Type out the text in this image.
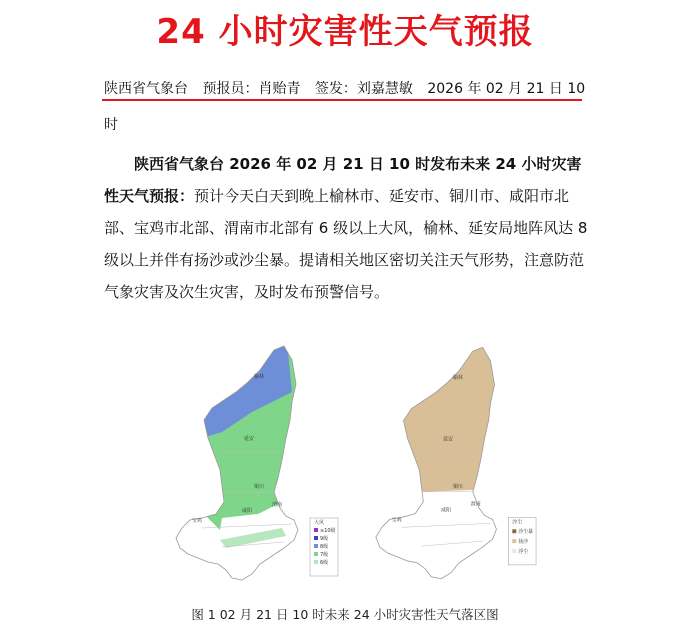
24 小时灾害性天气预报
陕西省气象台 预报员：肖贻青 签发：刘嘉慧敏 2026 年 02 月 21 日 10
时

陕西省气象台 2026 年 02 月 21 日 10 时发布未来 24 小时灾害性天气预报：预计今天白天到晚上榆林市、延安市、铜川市、咸阳市北部、宝鸡市北部、渭南市北部有 6 级以上大风，榆林、延安局地阵风达 8 级以上并伴有扬沙或沙尘暴。提请相关地区密切关注天气形势，注意防范气象灾害及次生灾害，及时发布预警信号。

大风
≥10级
9级
8级
7级
6级
榆林
延安
铜川
咸阳
宝鸡
渭南
沙尘
沙尘暴
扬沙
浮尘
榆林
延安
铜川
咸阳
宝鸡
渭南
图 1 02 月 21 日 10 时未来 24 小时灾害性天气落区图
